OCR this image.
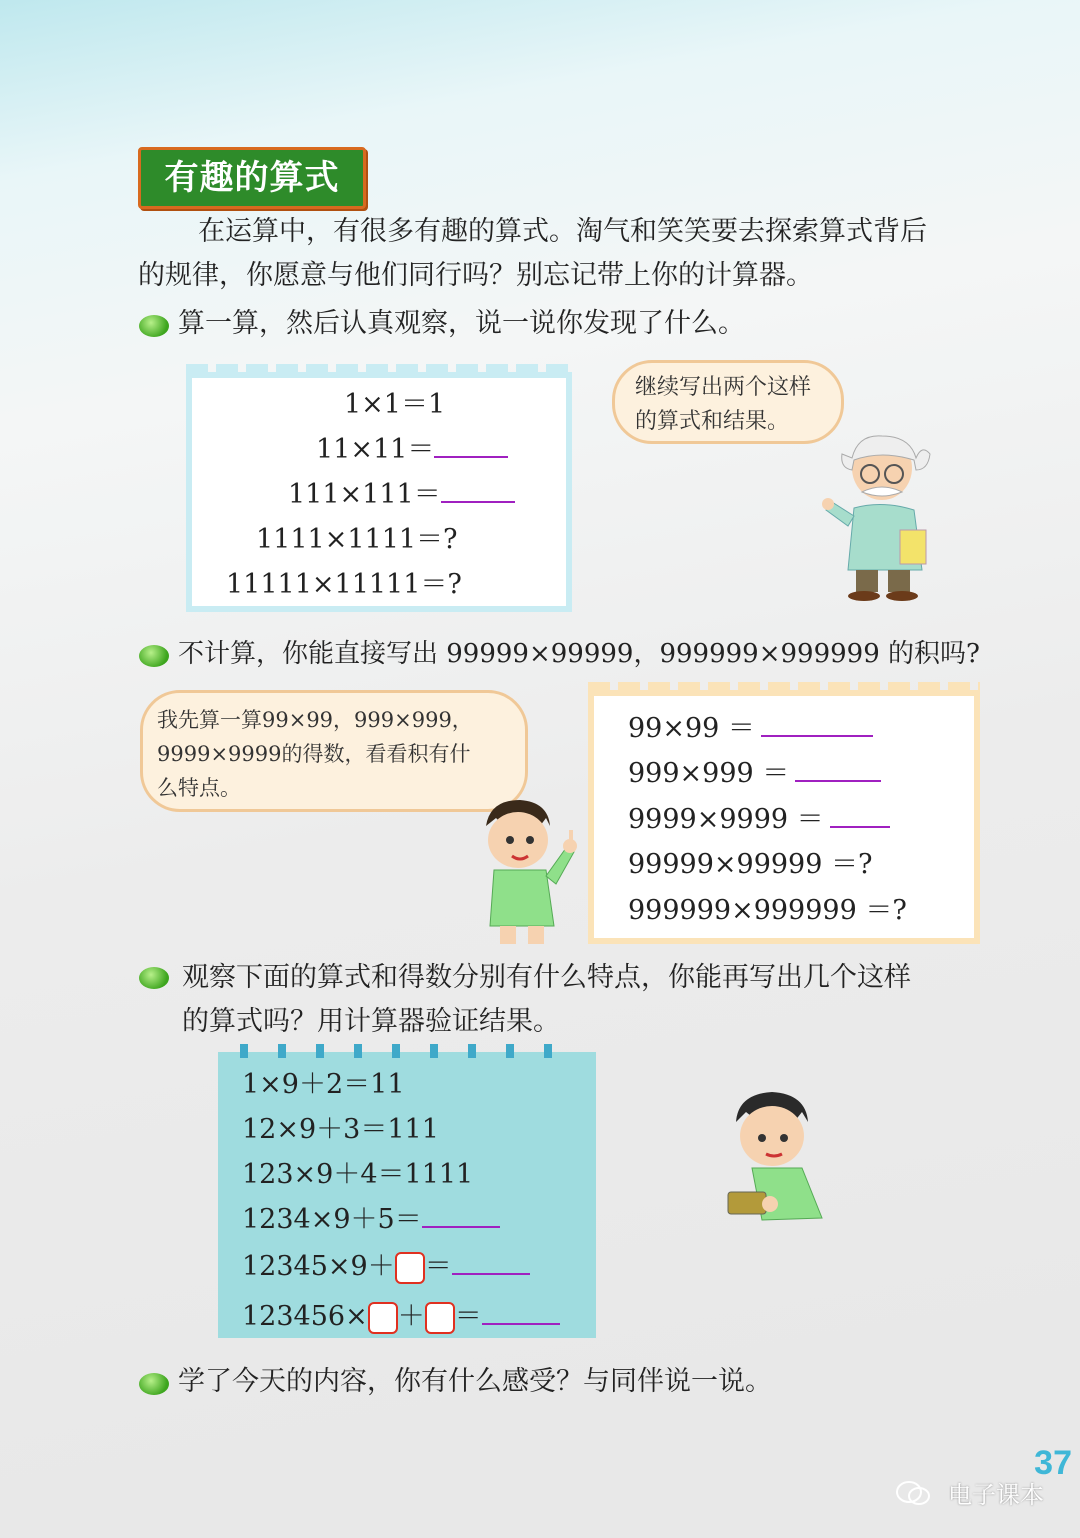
有趣的算式
在运算中，有很多有趣的算式。淘气和笑笑要去探索算式背后
的规律，你愿意与他们同行吗？别忘记带上你的计算器。
算一算，然后认真观察，说一说你发现了什么。
1×1＝1
11×11＝
111×111＝
1111×1111＝?
11111×11111＝?
继续写出两个这样
的算式和结果。
不计算，你能直接写出 99999×99999，999999×999999 的积吗?
我先算一算99×99，999×999，
9999×9999的得数，看看积有什
么特点。
99×99 ＝
999×999 ＝
9999×9999 ＝
99999×99999 ＝?
999999×999999 ＝?
观察下面的算式和得数分别有什么特点，你能再写出几个这样
的算式吗？用计算器验证结果。
1×9＋2＝11
12×9＋3＝111
123×9＋4＝1111
1234×9＋5＝
12345×9＋ ＝
123456× ＋ ＝
学了今天的内容，你有什么感受？与同伴说一说。
37
电子课本
